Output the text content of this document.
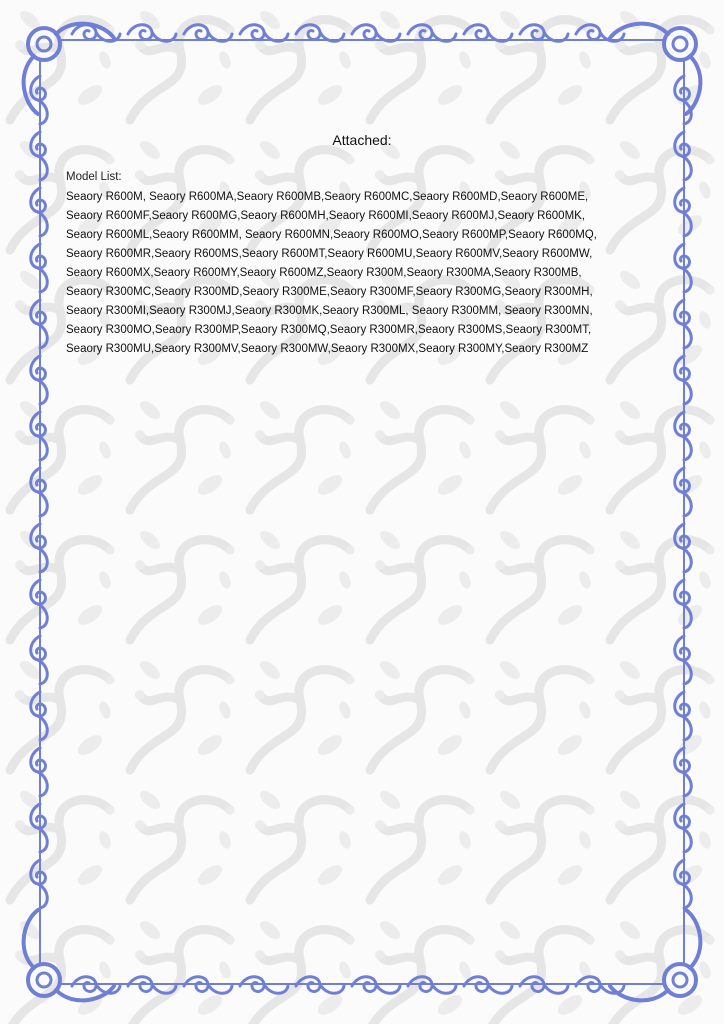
Attached:
Model List:
Seaory R600M, Seaory R600MA,Seaory R600MB,Seaory R600MC,Seaory R600MD,Seaory R600ME,
Seaory R600MF,Seaory R600MG,Seaory R600MH,Seaory R600MI,Seaory R600MJ,Seaory R600MK,
Seaory R600ML,Seaory R600MM, Seaory R600MN,Seaory R600MO,Seaory R600MP,Seaory R600MQ,
Seaory R600MR,Seaory R600MS,Seaory R600MT,Seaory R600MU,Seaory R600MV,Seaory R600MW,
Seaory R600MX,Seaory R600MY,Seaory R600MZ,Seaory R300M,Seaory R300MA,Seaory R300MB,
Seaory R300MC,Seaory R300MD,Seaory R300ME,Seaory R300MF,Seaory R300MG,Seaory R300MH,
Seaory R300MI,Seaory R300MJ,Seaory R300MK,Seaory R300ML, Seaory R300MM, Seaory R300MN,
Seaory R300MO,Seaory R300MP,Seaory R300MQ,Seaory R300MR,Seaory R300MS,Seaory R300MT,
Seaory R300MU,Seaory R300MV,Seaory R300MW,Seaory R300MX,Seaory R300MY,Seaory R300MZ
